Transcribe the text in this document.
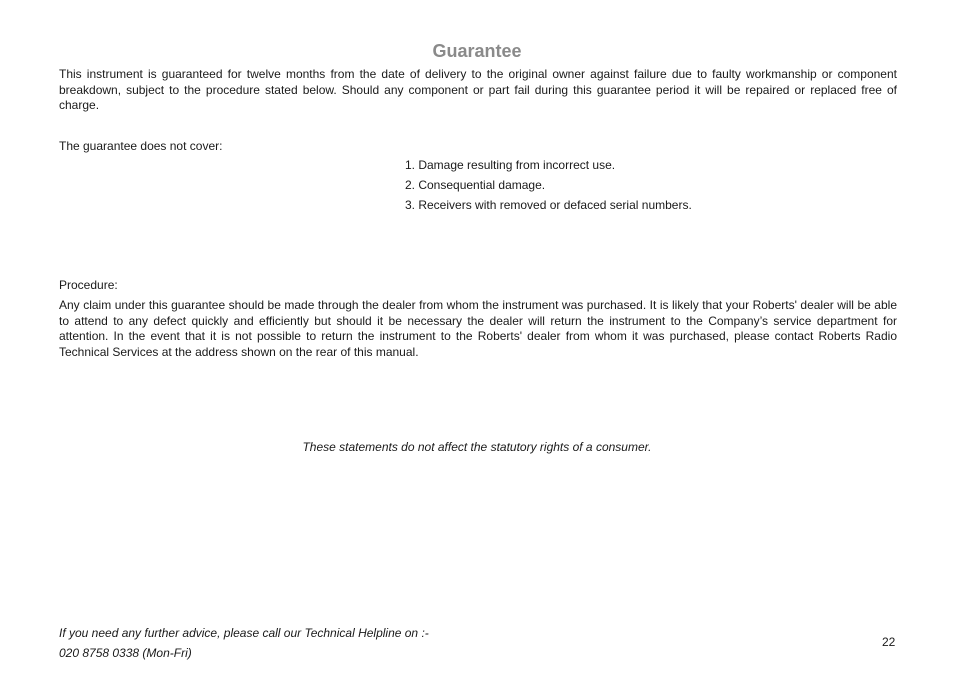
Guarantee

This instrument is guaranteed for twelve months from the date of delivery to the original owner against failure due to faulty workmanship or component breakdown, subject to the procedure stated below. Should any component or part fail during this guarantee period it will be repaired or replaced free of charge.

The guarantee does not cover:

1. Damage resulting from incorrect use.
2. Consequential damage.
3. Receivers with removed or defaced serial numbers.

Procedure:

Any claim under this guarantee should be made through the dealer from whom the instrument was purchased. It is likely that your Roberts' dealer will be able to attend to any defect quickly and efficiently but should it be necessary the dealer will return the instrument to the Company’s service department for attention. In the event that it is not possible to return the instrument to the Roberts' dealer from whom it was purchased, please contact Roberts Radio Technical Services at the address shown on the rear of this manual.

These statements do not affect the statutory rights of a consumer.

If you need any further advice, please call our Technical Helpline on :-

020 8758 0338 (Mon-Fri)

22
